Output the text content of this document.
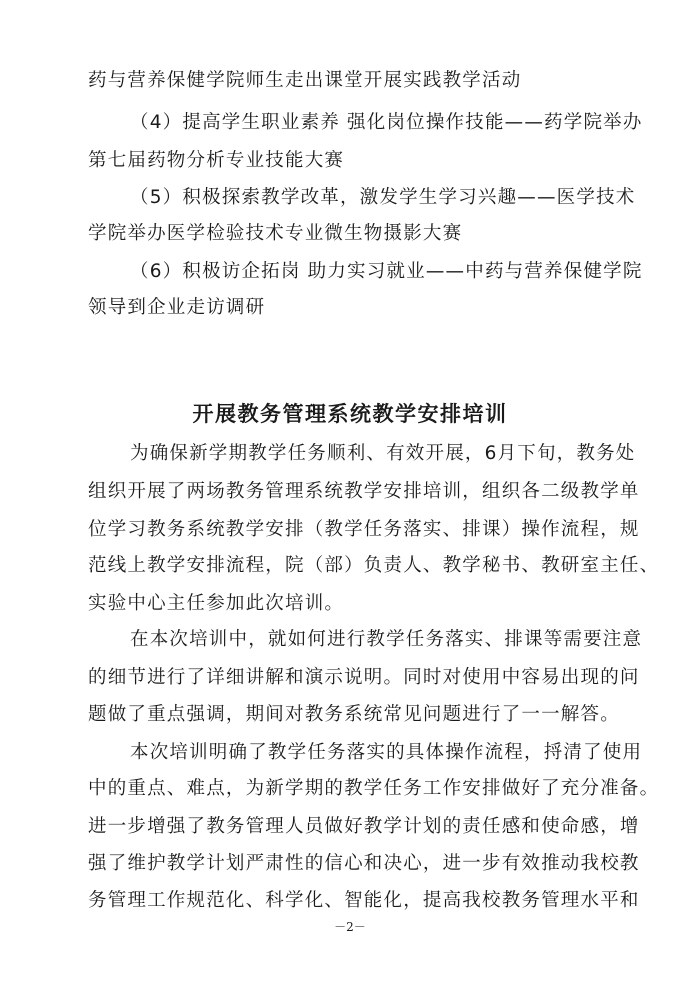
药与营养保健学院师生走出课堂开展实践教学活动
（4）提高学生职业素养 强化岗位操作技能——药学院举办
第七届药物分析专业技能大赛
（5）积极探索教学改革，激发学生学习兴趣——医学技术
学院举办医学检验技术专业微生物摄影大赛
（6）积极访企拓岗 助力实习就业——中药与营养保健学院
领导到企业走访调研
开展教务管理系统教学安排培训
为确保新学期教学任务顺利、有效开展，6月下旬，教务处
组织开展了两场教务管理系统教学安排培训，组织各二级教学单
位学习教务系统教学安排（教学任务落实、排课）操作流程，规
范线上教学安排流程，院（部）负责人、教学秘书、教研室主任、
实验中心主任参加此次培训。
在本次培训中，就如何进行教学任务落实、排课等需要注意
的细节进行了详细讲解和演示说明。同时对使用中容易出现的问
题做了重点强调，期间对教务系统常见问题进行了一一解答。
本次培训明确了教学任务落实的具体操作流程，捋清了使用
中的重点、难点，为新学期的教学任务工作安排做好了充分准备。
进一步增强了教务管理人员做好教学计划的责任感和使命感，增
强了维护教学计划严肃性的信心和决心，进一步有效推动我校教
务管理工作规范化、科学化、智能化，提高我校教务管理水平和
－2－
